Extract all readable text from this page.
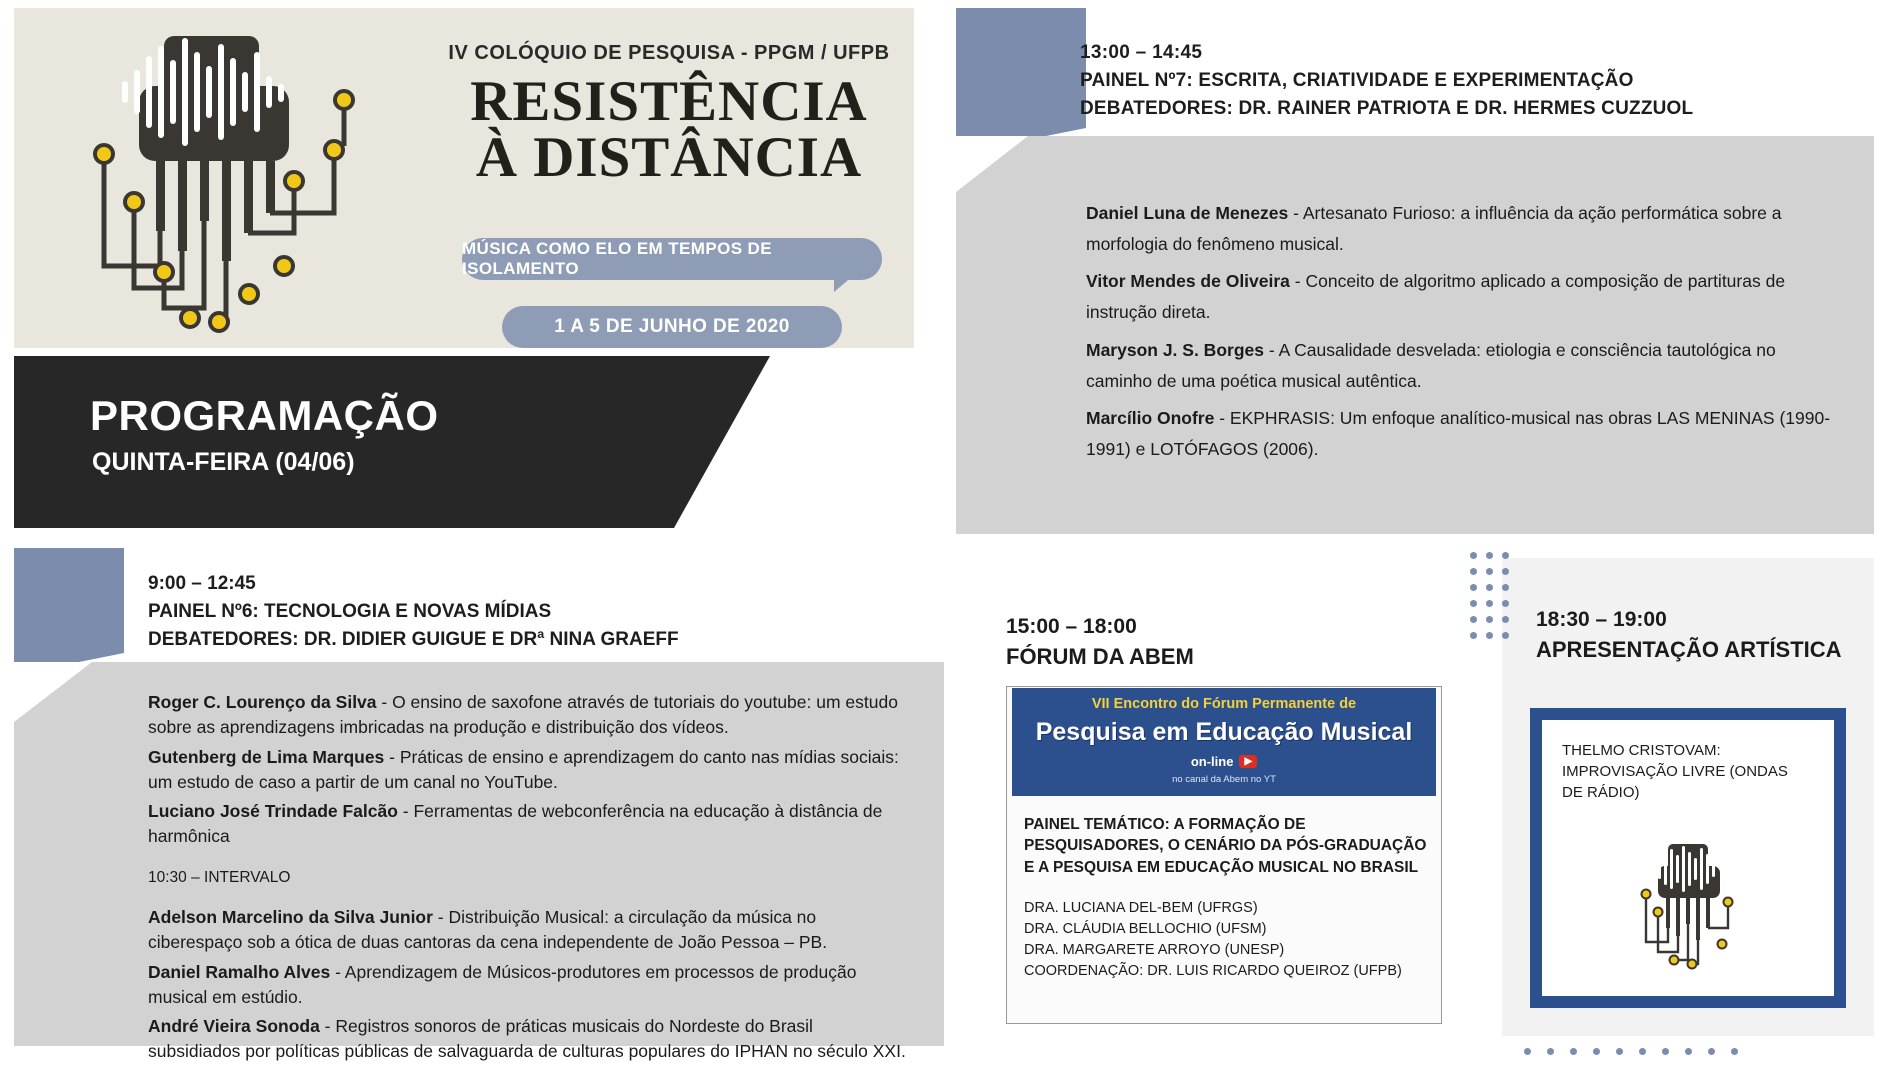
IV COLÓQUIO DE PESQUISA - PPGM / UFPB
RESISTÊNCIA
À DISTÂNCIA
MÚSICA COMO ELO EM TEMPOS DE ISOLAMENTO
1 A 5 DE JUNHO DE 2020
PROGRAMAÇÃO
QUINTA-FEIRA (04/06)
13:00 – 14:45
PAINEL Nº7: ESCRITA, CRIATIVIDADE E EXPERIMENTAÇÃO
DEBATEDORES: DR. RAINER PATRIOTA E DR. HERMES CUZZUOL
Daniel Luna de Menezes - Artesanato Furioso: a influência da ação performática sobre a morfologia do fenômeno musical.
Vitor Mendes de Oliveira - Conceito de algoritmo aplicado a composição de partituras de instrução direta.
Maryson J. S. Borges - A Causalidade desvelada: etiologia e consciência tautológica no caminho de uma poética musical autêntica.
Marcílio Onofre - EKPHRASIS: Um enfoque analítico-musical nas obras LAS MENINAS (1990-1991) e LOTÓFAGOS (2006).
9:00 – 12:45
PAINEL Nº6: TECNOLOGIA E NOVAS MÍDIAS
DEBATEDORES: DR. DIDIER GUIGUE E DRª NINA GRAEFF
Roger C. Lourenço da Silva - O ensino de saxofone através de tutoriais do youtube: um estudo sobre as aprendizagens imbricadas na produção e distribuição dos vídeos.
Gutenberg de Lima Marques - Práticas de ensino e aprendizagem do canto nas mídias sociais: um estudo de caso a partir de um canal no YouTube.
Luciano José Trindade Falcão - Ferramentas de webconferência na educação à distância de harmônica
10:30 – INTERVALO
Adelson Marcelino da Silva Junior - Distribuição Musical: a circulação da música no ciberespaço sob a ótica de duas cantoras da cena independente de João Pessoa – PB.
Daniel Ramalho Alves - Aprendizagem de Músicos-produtores em processos de produção musical em estúdio.
André Vieira Sonoda - Registros sonoros de práticas musicais do Nordeste do Brasil subsidiados por políticas públicas de salvaguarda de culturas populares do IPHAN no século XXI.
15:00 – 18:00
FÓRUM DA ABEM
VII Encontro do Fórum Permanente de
Pesquisa em Educação Musical
on-line ▶
no canal da Abem no YT
PAINEL TEMÁTICO: A FORMAÇÃO DE PESQUISADORES, O CENÁRIO DA PÓS-GRADUAÇÃO E A PESQUISA EM EDUCAÇÃO MUSICAL NO BRASIL
DRA. LUCIANA DEL-BEM (UFRGS)
DRA. CLÁUDIA BELLOCHIO (UFSM)
DRA. MARGARETE ARROYO (UNESP)
COORDENAÇÃO: DR. LUIS RICARDO QUEIROZ (UFPB)
18:30 – 19:00
APRESENTAÇÃO ARTÍSTICA
THELMO CRISTOVAM: IMPROVISAÇÃO LIVRE (ONDAS DE RÁDIO)
